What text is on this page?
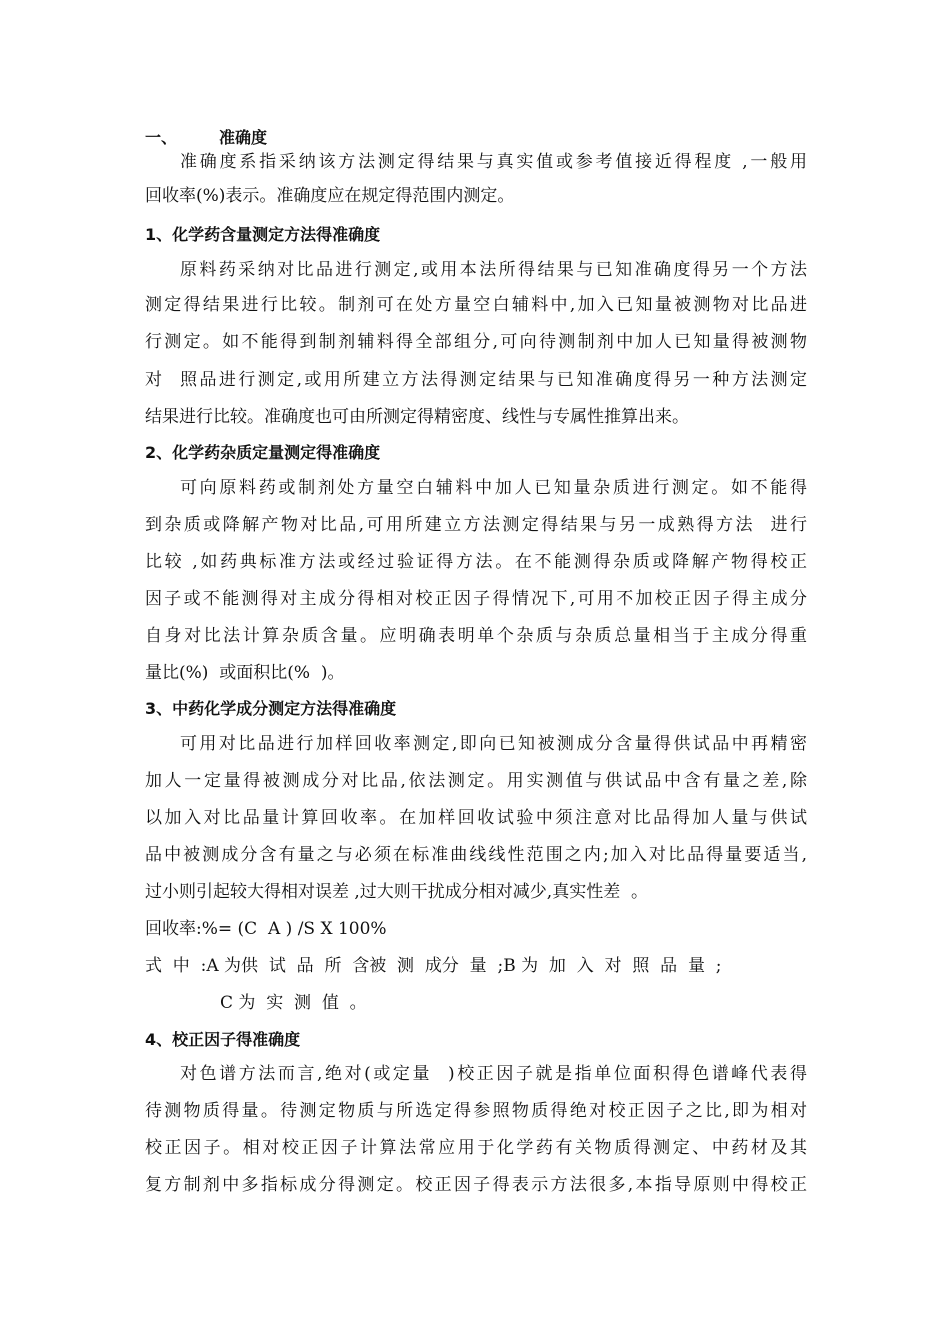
一、	准确度
准确度系指采纳该方法测定得结果与真实值或参考值接近得程度 ,一般用
回收率(%)表示。准确度应在规定得范围内测定。
1、化学药含量测定方法得准确度
原料药采纳对比品进行测定,或用本法所得结果与已知准确度得另一个方法
测定得结果进行比较。制剂可在处方量空白辅料中,加入已知量被测物对比品进
行测定。如不能得到制剂辅料得全部组分,可向待测制剂中加人已知量得被测物
对  照品进行测定,或用所建立方法得测定结果与已知准确度得另一种方法测定
结果进行比较。准确度也可由所测定得精密度、线性与专属性推算出来。
2、化学药杂质定量测定得准确度
可向原料药或制剂处方量空白辅料中加人已知量杂质进行测定。如不能得
到杂质或降解产物对比品,可用所建立方法测定得结果与另一成熟得方法  进行
比较 ,如药典标准方法或经过验证得方法。在不能测得杂质或降解产物得校正
因子或不能测得对主成分得相对校正因子得情况下,可用不加校正因子得主成分
自身对比法计算杂质含量。应明确表明单个杂质与杂质总量相当于主成分得重
量比(%)  或面积比(%  )。
3、中药化学成分测定方法得准确度
可用对比品进行加样回收率测定,即向已知被测成分含量得供试品中再精密
加人一定量得被测成分对比品,依法测定。用实测值与供试品中含有量之差,除
以加入对比品量计算回收率。在加样回收试验中须注意对比品得加人量与供试
品中被测成分含有量之与必须在标准曲线线性范围之内;加入对比品得量要适当,
过小则引起较大得相对误差 ,过大则干扰成分相对减少,真实性差  。
回收率:%= (C  A ) /S X 100%
式  中  :A 为供  试  品  所  含被  测  成分  量  ;B 为  加  入  对  照  品  量  ;
C 为  实  测  值  。
4、校正因子得准确度
对色谱方法而言,绝对(或定量  )校正因子就是指单位面积得色谱峰代表得
待测物质得量。待测定物质与所选定得参照物质得绝对校正因子之比,即为相对
校正因子。相对校正因子计算法常应用于化学药有关物质得测定、中药材及其
复方制剂中多指标成分得测定。校正因子得表示方法很多,本指导原则中得校正
